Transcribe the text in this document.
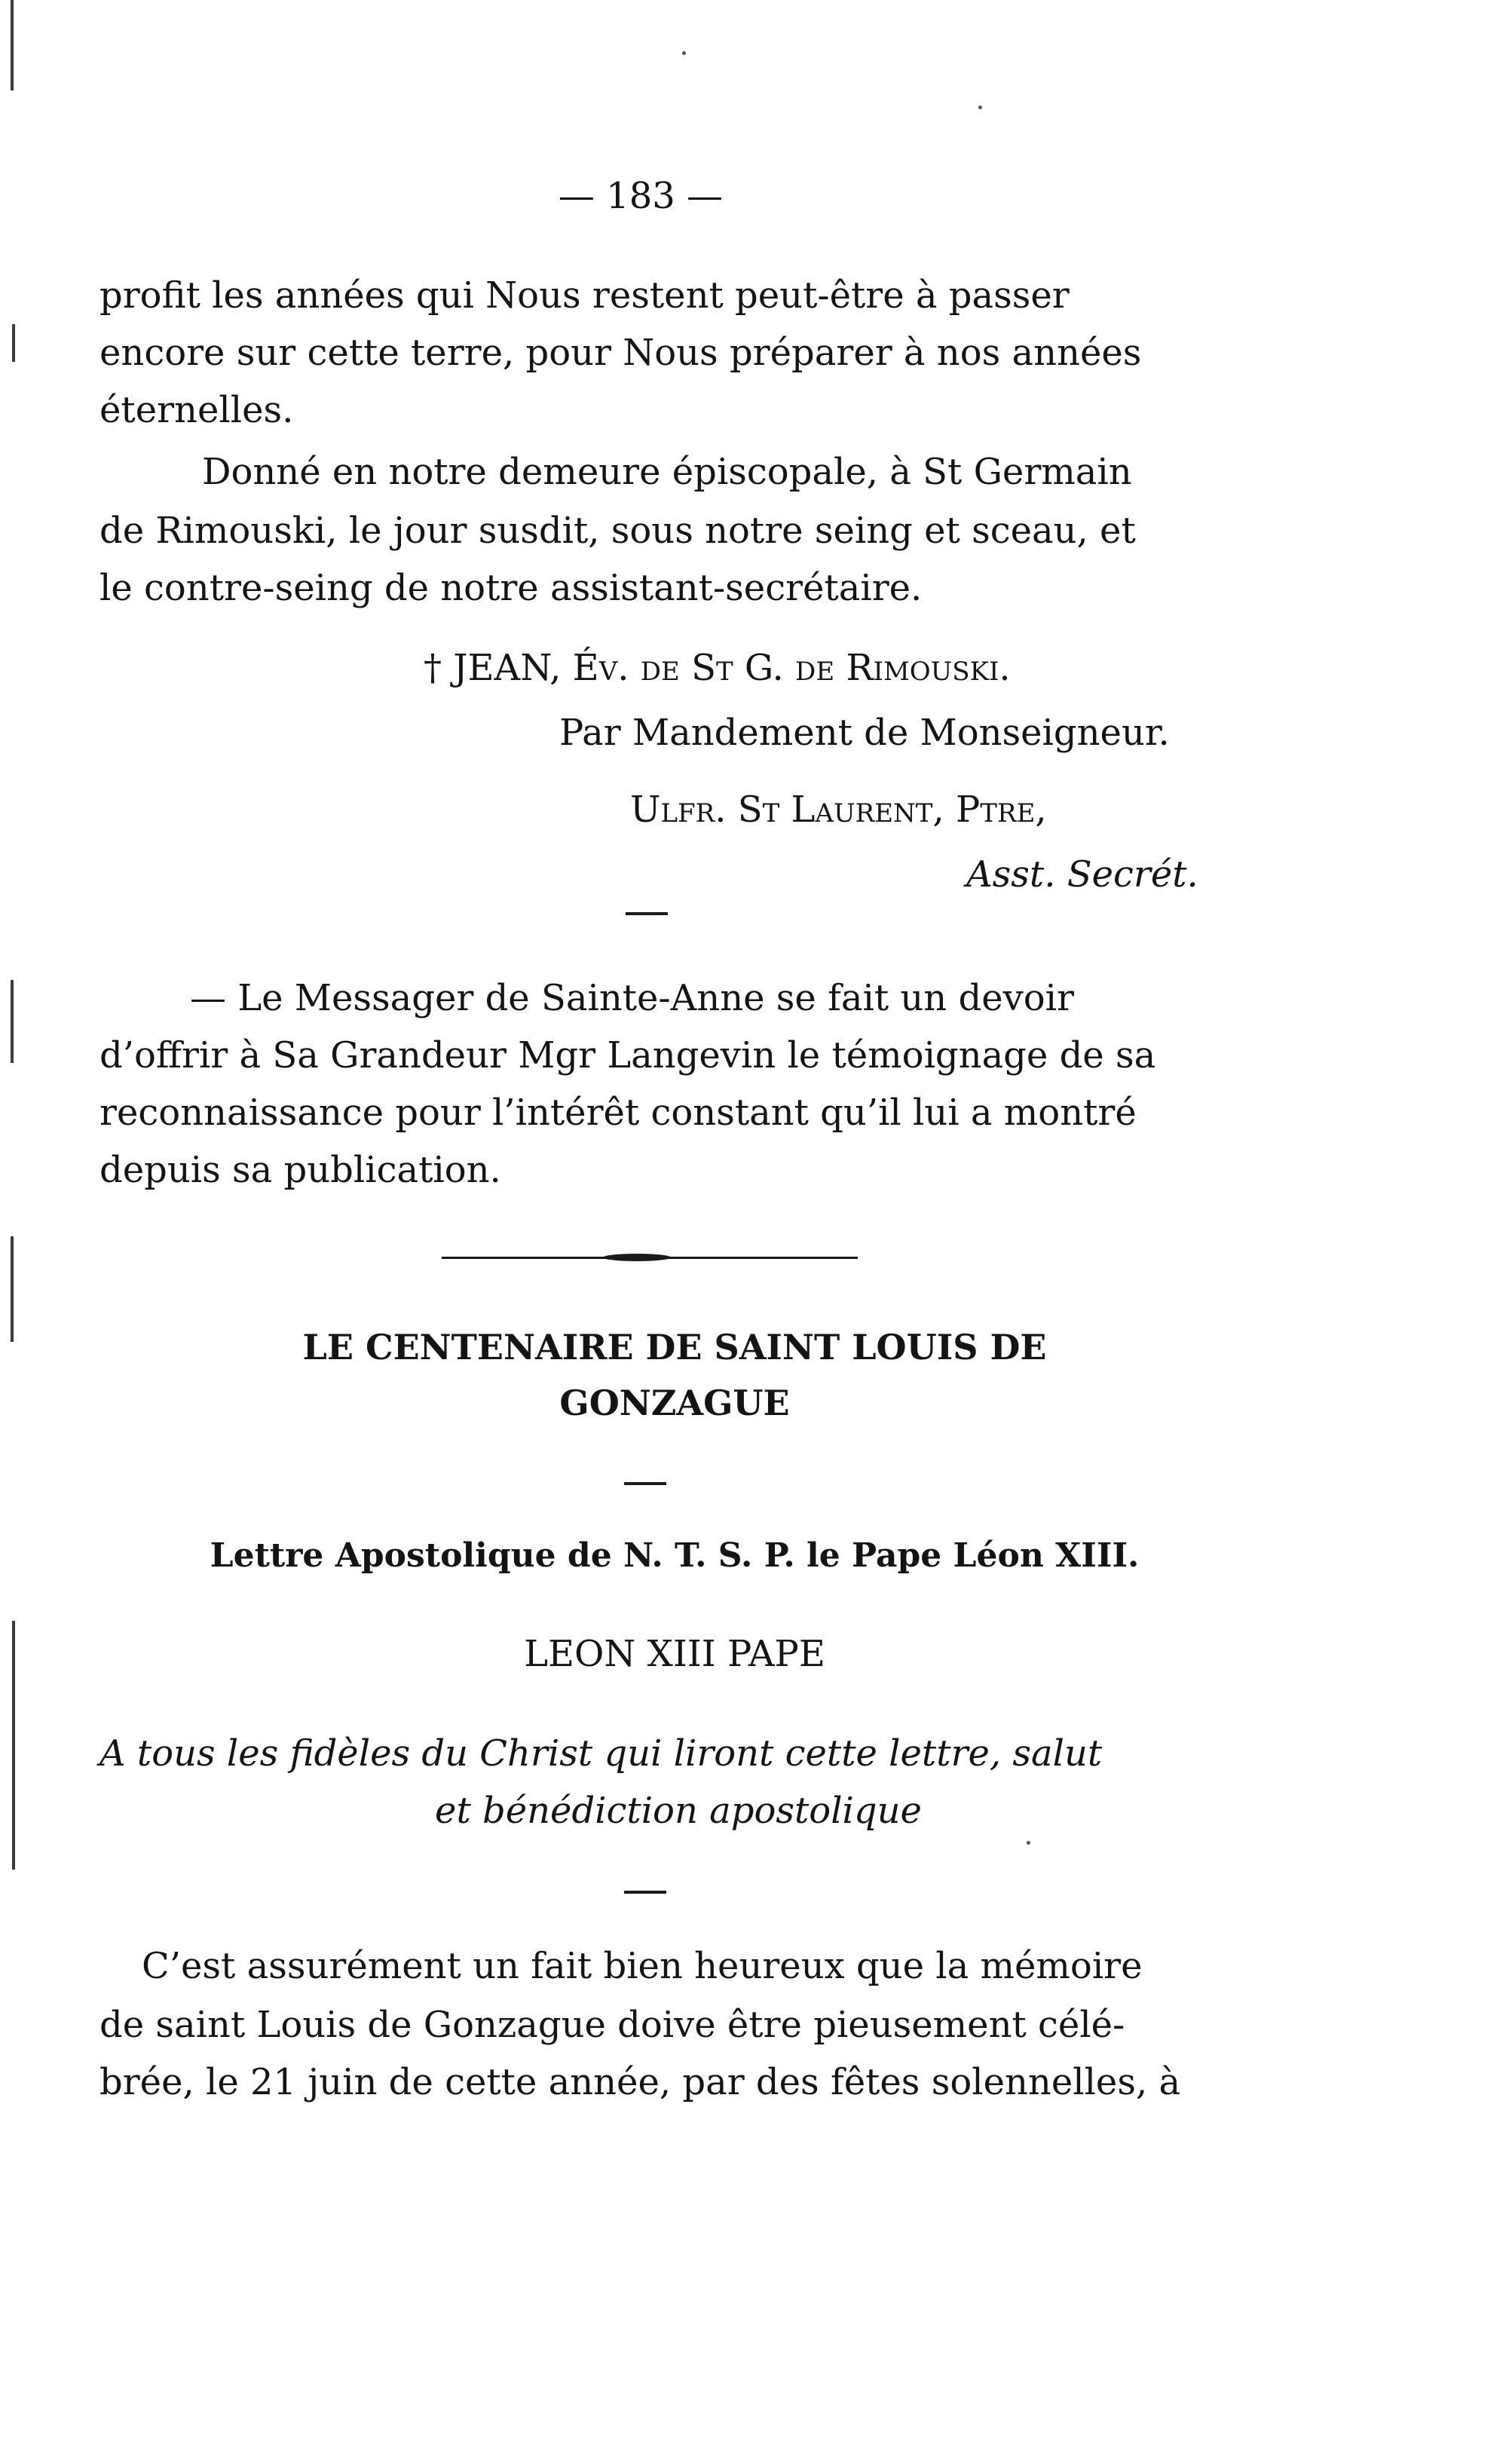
— 183 —
profit les années qui Nous restent peut-être à passer
encore sur cette terre, pour Nous préparer à nos années
éternelles.
Donné en notre demeure épiscopale, à St Germain
de Rimouski, le jour susdit, sous notre seing et sceau, et
le contre-seing de notre assistant-secrétaire.
† JEAN, Év. de St G. de Rimouski.
Par Mandement de Monseigneur.
Ulfr. St Laurent, Ptre,
Asst. Secrét.
— Le Messager de Sainte-Anne se fait un devoir
d’offrir à Sa Grandeur Mgr Langevin le témoignage de sa
reconnaissance pour l’intérêt constant qu’il lui a montré
depuis sa publication.
LE CENTENAIRE DE SAINT LOUIS DE
GONZAGUE
Lettre Apostolique de N. T. S. P. le Pape Léon XIII.
LEON XIII PAPE
A tous les fidèles du Christ qui liront cette lettre, salut
et bénédiction apostolique
C’est assurément un fait bien heureux que la mémoire
de saint Louis de Gonzague doive être pieusement célé-
brée, le 21 juin de cette année, par des fêtes solennelles, à
